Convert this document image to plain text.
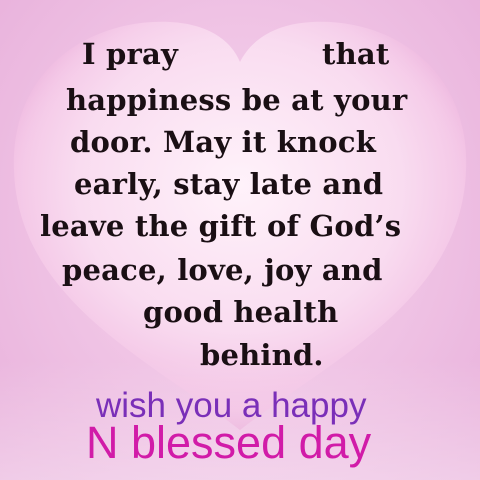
I pray	that
happiness be at your
door. May it knock
early, stay late and
leave the gift of God’s
peace, love, joy and
good health
behind.
wish you a happy
N blessed day
